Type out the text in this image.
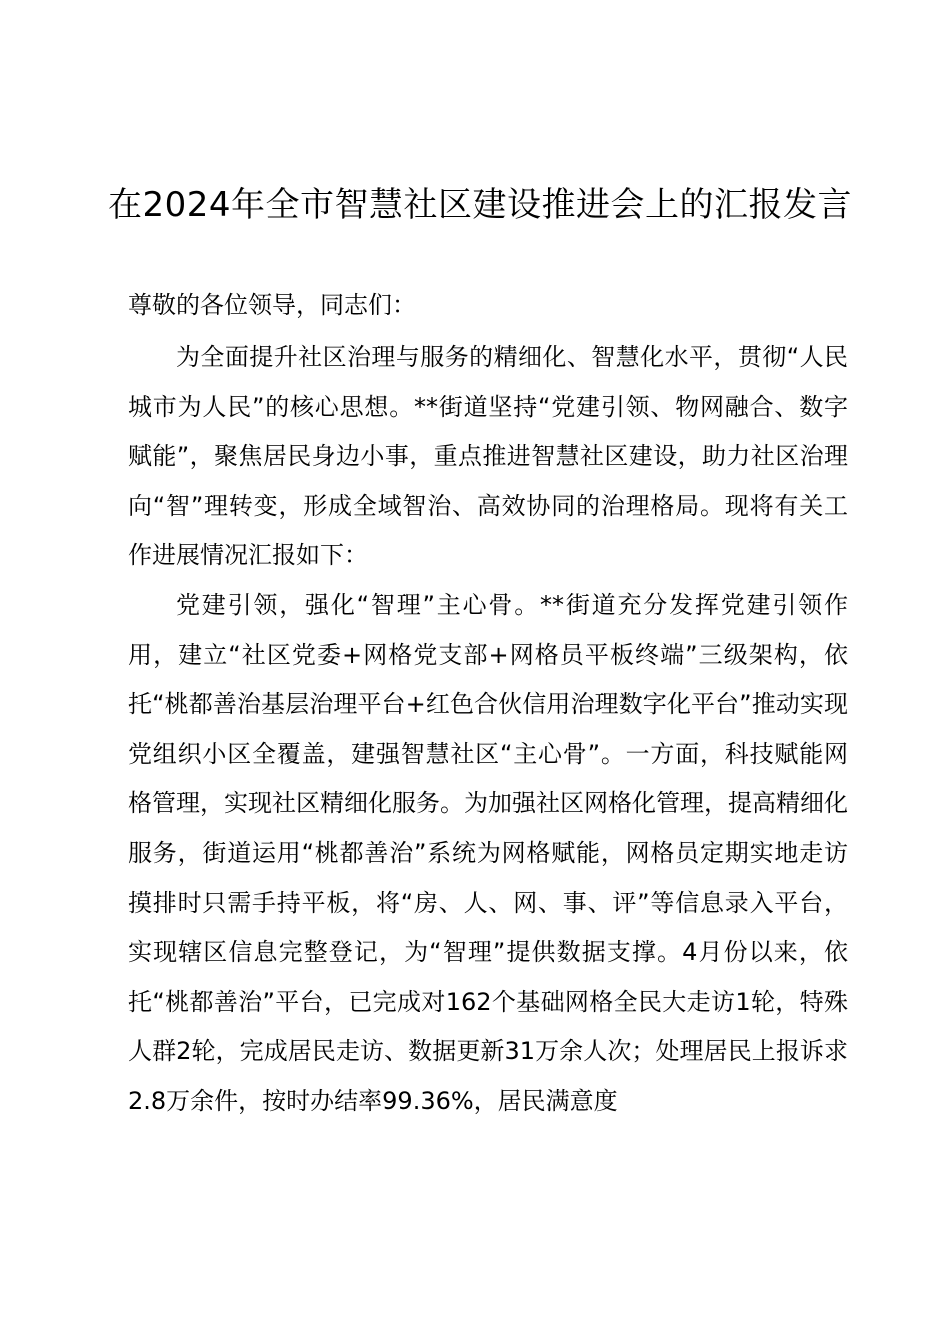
在2024年全市智慧社区建设推进会上的汇报发言

尊敬的各位领导，同志们：

为全面提升社区治理与服务的精细化、智慧化水平，贯彻“人民城市为人民”的核心思想。**街道坚持“党建引领、物网融合、数字赋能”，聚焦居民身边小事，重点推进智慧社区建设，助力社区治理向“智”理转变，形成全域智治、高效协同的治理格局。现将有关工作进展情况汇报如下：

党建引领，强化“智理”主心骨。**街道充分发挥党建引领作用，建立“社区党委+网格党支部+网格员平板终端”三级架构，依托“桃都善治基层治理平台+红色合伙信用治理数字化平台”推动实现党组织小区全覆盖，建强智慧社区“主心骨”。一方面，科技赋能网格管理，实现社区精细化服务。为加强社区网格化管理，提高精细化服务，街道运用“桃都善治”系统为网格赋能，网格员定期实地走访摸排时只需手持平板，将“房、人、网、事、评”等信息录入平台，实现辖区信息完整登记，为“智理”提供数据支撑。4月份以来，依托“桃都善治”平台，已完成对162个基础网格全民大走访1轮，特殊人群2轮，完成居民走访、数据更新31万余人次；处理居民上报诉求2.8万余件，按时办结率99.36%，居民满意度
